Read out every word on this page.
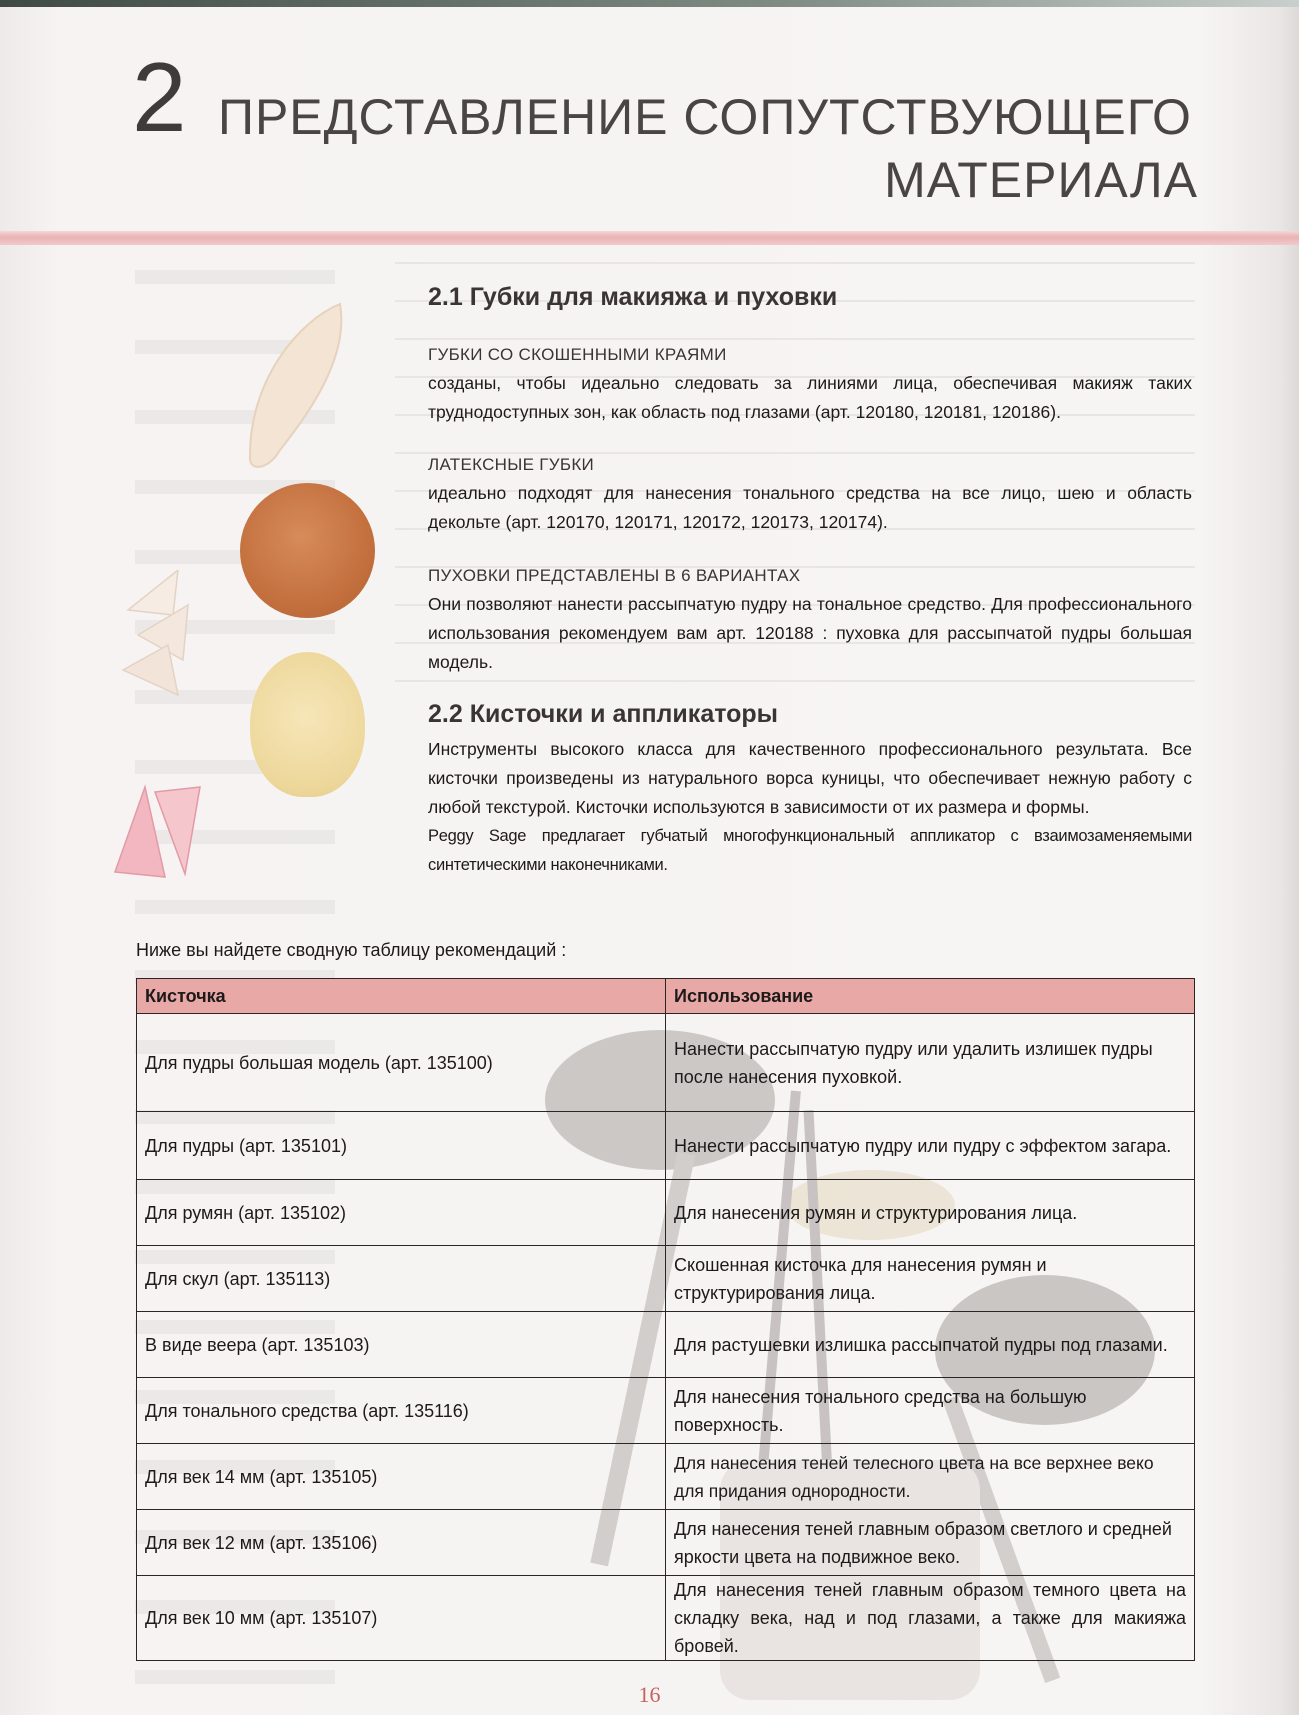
2 ПРЕДСТАВЛЕНИЕ СОПУТСТВУЮЩЕГО
МАТЕРИАЛА

2.1 Губки для макияжа и пуховки

ГУБКИ СО СКОШЕННЫМИ КРАЯМИ

созданы, чтобы идеально следовать за линиями лица, обеспечивая макияж таких труднодоступных зон, как область под глазами (арт. 120180, 120181, 120186).

ЛАТЕКСНЫЕ ГУБКИ

идеально подходят для нанесения тонального средства на все лицо, шею и область декольте (арт. 120170, 120171, 120172, 120173, 120174).

ПУХОВКИ ПРЕДСТАВЛЕНЫ В 6 ВАРИАНТАХ

Они позволяют нанести рассыпчатую пудру на тональное средство. Для профессионального использования рекомендуем вам арт. 120188 : пуховка для рассыпчатой пудры большая модель.

2.2 Кисточки и аппликаторы

Инструменты высокого класса для качественного профессионального результата. Все кисточки произведены из натурального ворса куницы, что обеспечивает нежную работу с любой текстурой. Кисточки используются в зависимости от их размера и формы.

Peggy Sage предлагает губчатый многофункциональный аппликатор с взаимозаменяемыми синтетическими наконечниками.

Ниже вы найдете сводную таблицу рекомендаций :
Кисточка	Использование
Для пудры большая модель (арт. 135100)	Нанести рассыпчатую пудру или удалить излишек пудры после нанесения пуховкой.
Для пудры (арт. 135101)	Нанести рассыпчатую пудру или пудру с эффектом загара.
Для румян (арт. 135102)	Для нанесения румян и структурирования лица.
Для скул (арт. 135113)	Скошенная кисточка для нанесения румян и структурирования лица.
В виде веера (арт. 135103)	Для растушевки излишка рассыпчатой пудры под глазами.
Для тонального средства (арт. 135116)	Для нанесения тонального средства на большую поверхность.
Для век 14 мм (арт. 135105)	Для нанесения теней телесного цвета на все верхнее веко для придания однородности.
Для век 12 мм (арт. 135106)	Для нанесения теней главным образом светлого и средней яркости цвета на подвижное веко.
Для век 10 мм (арт. 135107)	Для нанесения теней главным образом темного цвета на складку века, над и под глазами, а также для макияжа бровей.
16
